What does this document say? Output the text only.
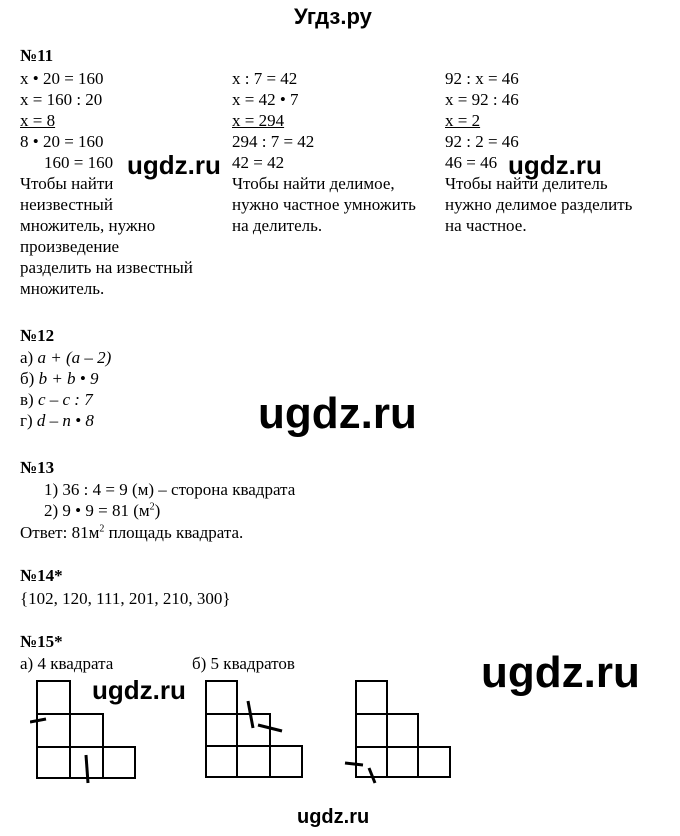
Угдз.ру
№11
x • 20 = 160
x = 160 : 20
x = 8
8 • 20 = 160
160 = 160
Чтобы найти
неизвестный
множитель, нужно
произведение
разделить на известный
множитель.
x : 7 = 42
x = 42 • 7
x = 294
294 : 7 = 42
42 = 42
Чтобы найти делимое,
нужно частное умножить
на делитель.
92 : x = 46
x = 92 : 46
x = 2
92 : 2 = 46
46 = 46
Чтобы найти делитель
нужно делимое разделить
на частное.
ugdz.ru	ugdz.ru
№12
а) a + (a – 2)
б) b + b • 9
в) c – c : 7
г) d – n • 8	ugdz.ru
№13
1) 36 : 4 = 9 (м) – сторона квадрата
2) 9 • 9 = 81 $(м^2)$
Ответ: $81м^2$ площадь квадрата.
№14*
{102, 120, 111, 201, 210, 300}
№15*
а) 4 квадрата	б) 5 квадратов	ugdz.ru
ugdz.ru
ugdz.ru
